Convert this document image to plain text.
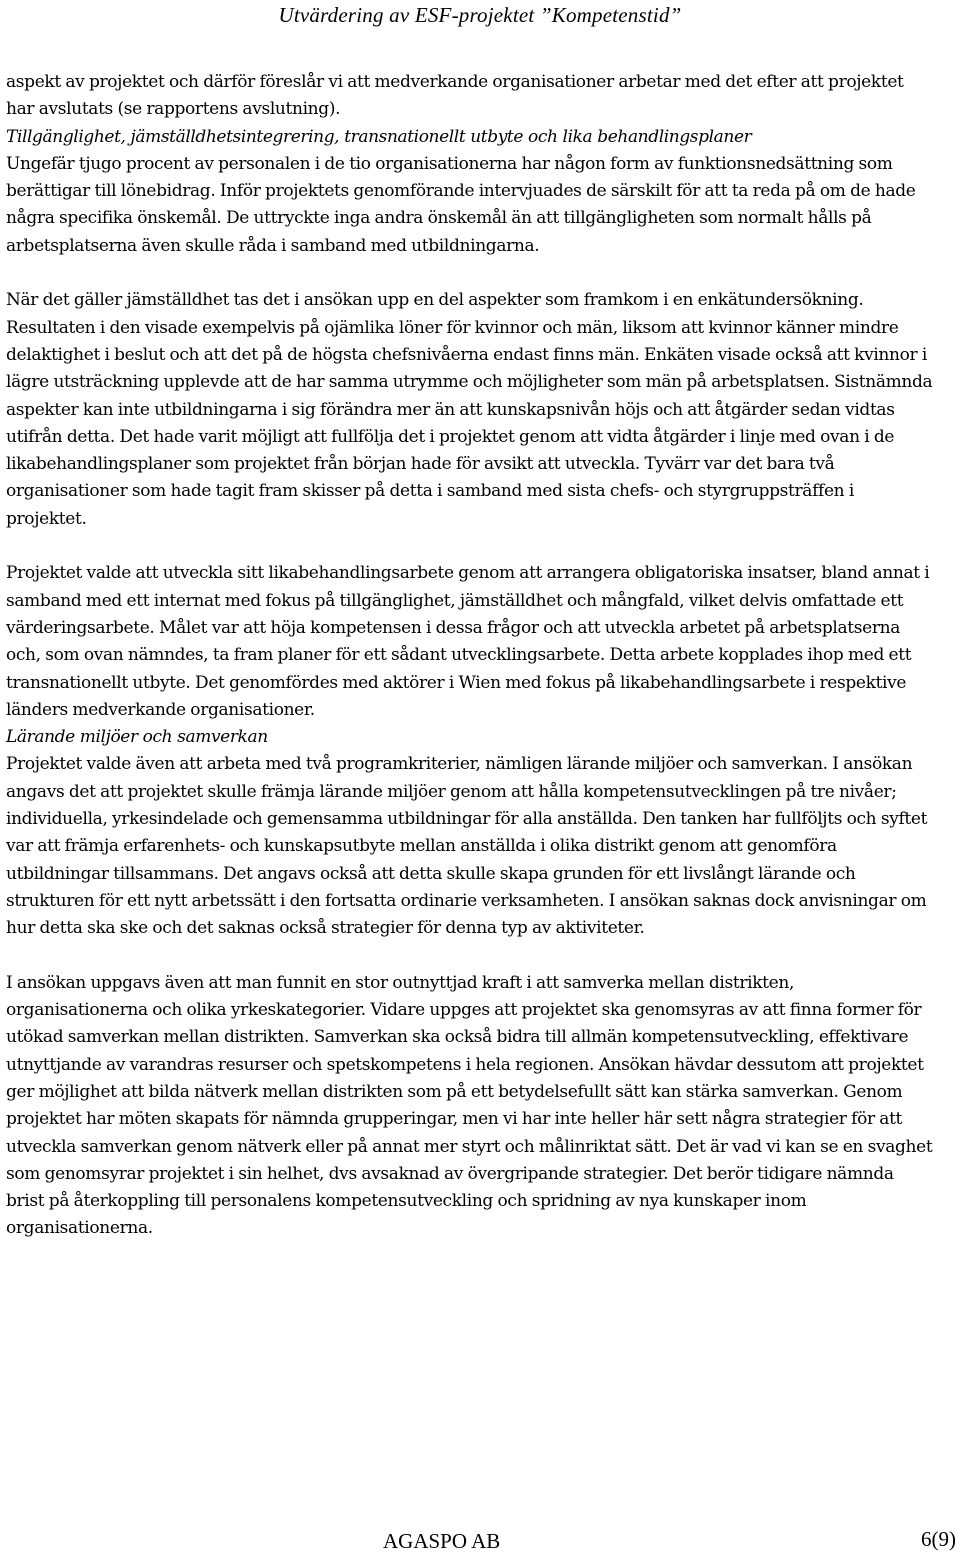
Utvärdering av ESF-projektet ”Kompetenstid”

aspekt av projektet och därför föreslår vi att medverkande organisationer arbetar med det efter att projektet har avslutats (se rapportens avslutning).

Tillgänglighet, jämställdhetsintegrering, transnationellt utbyte och lika behandlingsplaner

Ungefär tjugo procent av personalen i de tio organisationerna har någon form av funktionsnedsättning som berättigar till lönebidrag. Inför projektets genomförande intervjuades de särskilt för att ta reda på om de hade några specifika önskemål. De uttryckte inga andra önskemål än att tillgängligheten som normalt hålls på arbetsplatserna även skulle råda i samband med utbildningarna.

När det gäller jämställdhet tas det i ansökan upp en del aspekter som framkom i en enkätundersökning. Resultaten i den visade exempelvis på ojämlika löner för kvinnor och män, liksom att kvinnor känner mindre delaktighet i beslut och att det på de högsta chefsnivåerna endast finns män. Enkäten visade också att kvinnor i lägre utsträckning upplevde att de har samma utrymme och möjligheter som män på arbetsplatsen. Sistnämnda aspekter kan inte utbildningarna i sig förändra mer än att kunskapsnivån höjs och att åtgärder sedan vidtas utifrån detta. Det hade varit möjligt att fullfölja det i projektet genom att vidta åtgärder i linje med ovan i de likabehandlingsplaner som projektet från början hade för avsikt att utveckla. Tyvärr var det bara två organisationer som hade tagit fram skisser på detta i samband med sista chefs- och styrgruppsträffen i projektet.

Projektet valde att utveckla sitt likabehandlingsarbete genom att arrangera obligatoriska insatser, bland annat i samband med ett internat med fokus på tillgänglighet, jämställdhet och mångfald, vilket delvis omfattade ett värderingsarbete. Målet var att höja kompetensen i dessa frågor och att utveckla arbetet på arbetsplatserna och, som ovan nämndes, ta fram planer för ett sådant utvecklingsarbete. Detta arbete kopplades ihop med ett transnationellt utbyte. Det genomfördes med aktörer i Wien med fokus på likabehandlingsarbete i respektive länders medverkande organisationer.

Lärande miljöer och samverkan

Projektet valde även att arbeta med två programkriterier, nämligen lärande miljöer och samverkan. I ansökan angavs det att projektet skulle främja lärande miljöer genom att hålla kompetensutvecklingen på tre nivåer; individuella, yrkesindelade och gemensamma utbildningar för alla anställda. Den tanken har fullföljts och syftet var att främja erfarenhets- och kunskapsutbyte mellan anställda i olika distrikt genom att genomföra utbildningar tillsammans. Det angavs också att detta skulle skapa grunden för ett livslångt lärande och strukturen för ett nytt arbetssätt i den fortsatta ordinarie verksamheten. I ansökan saknas dock anvisningar om hur detta ska ske och det saknas också strategier för denna typ av aktiviteter.

I ansökan uppgavs även att man funnit en stor outnyttjad kraft i att samverka mellan distrikten, organisationerna och olika yrkeskategorier. Vidare uppges att projektet ska genomsyras av att finna former för utökad samverkan mellan distrikten. Samverkan ska också bidra till allmän kompetensutveckling, effektivare utnyttjande av varandras resurser och spetskompetens i hela regionen. Ansökan hävdar dessutom att projektet ger möjlighet att bilda nätverk mellan distrikten som på ett betydelsefullt sätt kan stärka samverkan. Genom projektet har möten skapats för nämnda grupperingar, men vi har inte heller här sett några strategier för att utveckla samverkan genom nätverk eller på annat mer styrt och målinriktat sätt. Det är vad vi kan se en svaghet som genomsyrar projektet i sin helhet, dvs avsaknad av övergripande strategier. Det berör tidigare nämnda brist på återkoppling till personalens kompetensutveckling och spridning av nya kunskaper inom organisationerna.

AGASPO AB	6(9)
